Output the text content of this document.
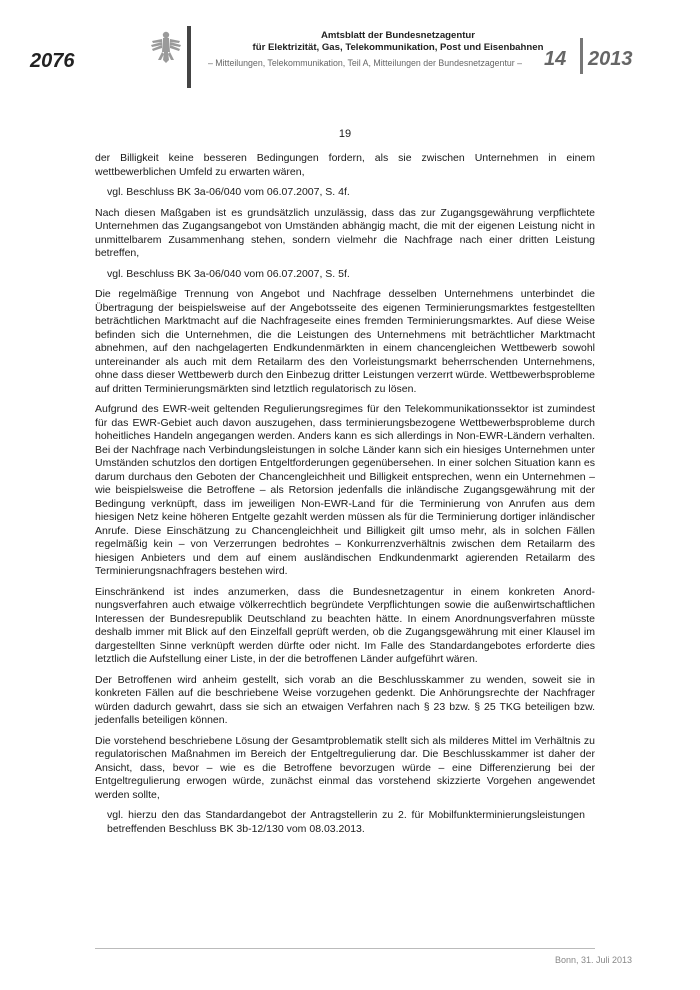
2076
Amtsblatt der Bundesnetzagentur
für Elektrizität, Gas, Telekommunikation, Post und Eisenbahnen
– Mitteilungen, Telekommunikation, Teil A, Mitteilungen der Bundesnetzagentur –	14 2013
19

der Billigkeit keine besseren Bedingungen fordern, als sie zwischen Unternehmen in einem wettbewerblichen Umfeld zu erwarten wären,

vgl. Beschluss BK 3a-06/040 vom 06.07.2007, S. 4f.

Nach diesen Maßgaben ist es grundsätzlich unzulässig, dass das zur Zugangsgewährung verpflichtete Unternehmen das Zugangsangebot von Umständen abhängig macht, die mit der eigenen Leistung nicht in unmittelbarem Zusammenhang stehen, sondern vielmehr die Nachfrage nach einer dritten Leistung betreffen,

vgl. Beschluss BK 3a-06/040 vom 06.07.2007, S. 5f.

Die regelmäßige Trennung von Angebot und Nachfrage desselben Unternehmens unterbindet die Übertragung der beispielsweise auf der Angebotsseite des eigenen Terminierungsmarktes festgestellten beträchtlichen Marktmacht auf die Nachfrageseite eines fremden Terminierungsmarktes. Auf diese Weise befinden sich die Unternehmen, die die Leistungen des Unternehmens mit beträchtlicher Marktmacht abnehmen, auf den nachgelagerten Endkundenmärkten in einem chancengleichen Wettbewerb sowohl untereinander als auch mit dem Retailarm des den Vorleistungsmarkt beherrschenden Unternehmens, ohne dass dieser Wettbewerb durch den Einbezug dritter Leistungen verzerrt würde. Wettbewerbsprobleme auf dritten Terminierungsmärkten sind letztlich regulatorisch zu lösen.

Aufgrund des EWR-weit geltenden Regulierungsregimes für den Telekommunikationssektor ist zumindest für das EWR-Gebiet auch davon auszugehen, dass terminierungsbezogene Wettbewerbsprobleme durch hoheitliches Handeln angegangen werden. Anders kann es sich allerdings in Non-EWR-Ländern verhalten. Bei der Nachfrage nach Verbindungsleistungen in solche Länder kann sich ein hiesiges Unternehmen unter Umständen schutzlos den dortigen Entgeltforderungen gegenübersehen. In einer solchen Situation kann es darum durchaus den Geboten der Chancengleichheit und Billigkeit entsprechen, wenn ein Unternehmen – wie beispielsweise die Betroffene – als Retorsion jedenfalls die inländische Zugangsgewährung mit der Bedingung verknüpft, dass im jeweiligen Non-EWR-Land für die Terminierung von Anrufen aus dem hiesigen Netz keine höheren Entgelte gezahlt werden müssen als für die Terminierung dortiger inländischer Anrufe. Diese Einschätzung zu Chancengleichheit und Billigkeit gilt umso mehr, als in solchen Fällen regelmäßig kein – von Verzerrungen bedrohtes – Konkurrenzverhältnis zwischen dem Retailarm des hiesigen Anbieters und dem auf einem ausländischen Endkundenmarkt agierenden Retailarm des Terminierungsnachfragers bestehen wird.

Einschränkend ist indes anzumerken, dass die Bundesnetzagentur in einem konkreten Anordnungsverfahren auch etwaige völkerrechtlich begründete Verpflichtungen sowie die außenwirtschaftlichen Interessen der Bundesrepublik Deutschland zu beachten hätte. In einem Anordnungsverfahren müsste deshalb immer mit Blick auf den Einzelfall geprüft werden, ob die Zugangsgewährung mit einer Klausel im dargestellten Sinne verknüpft werden dürfte oder nicht. Im Falle des Standardangebotes erforderte dies letztlich die Aufstellung einer Liste, in der die betroffenen Länder aufgeführt wären.

Der Betroffenen wird anheim gestellt, sich vorab an die Beschlusskammer zu wenden, soweit sie in konkreten Fällen auf die beschriebene Weise vorzugehen gedenkt. Die Anhörungsrechte der Nachfrager würden dadurch gewahrt, dass sie sich an etwaigen Verfahren nach § 23 bzw. § 25 TKG beteiligen bzw. jedenfalls beteiligen können.

Die vorstehend beschriebene Lösung der Gesamtproblematik stellt sich als milderes Mittel im Verhältnis zu regulatorischen Maßnahmen im Bereich der Entgeltregulierung dar. Die Beschlusskammer ist daher der Ansicht, dass, bevor – wie es die Betroffene bevorzugen würde – eine Differenzierung bei der Entgeltregulierung erwogen würde, zunächst einmal das vorstehend skizzierte Vorgehen angewendet werden sollte,

vgl. hierzu den das Standardangebot der Antragstellerin zu 2. für Mobilfunkterminierungsleistungen betreffenden Beschluss BK 3b-12/130 vom 08.03.2013.

Bonn, 31. Juli 2013
